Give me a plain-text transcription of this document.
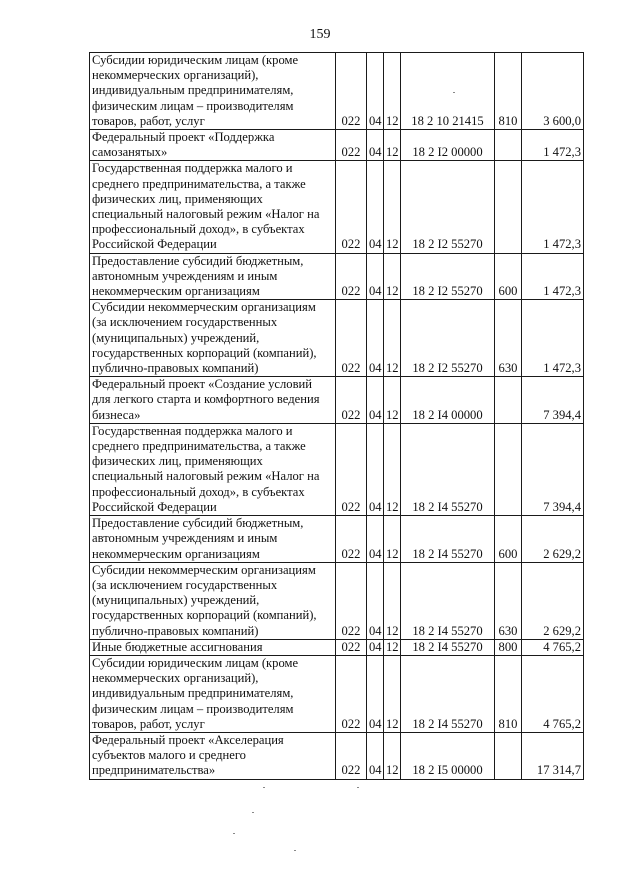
159
Субсидии юридическим лицам (кроме некоммерческих организаций), индивидуальным предпринимателям, физическим лицам – производителям товаров, работ, услуг	022	04	12	18 2 10 21415	810	3 600,0
Федеральный проект «Поддержка самозанятых»	022	04	12	18 2 I2 00000		1 472,3
Государственная поддержка малого и среднего предпринимательства, а также физических лиц, применяющих специальный налоговый режим «Налог на профессиональный доход», в субъектах Российской Федерации	022	04	12	18 2 I2 55270		1 472,3
Предоставление субсидий бюджетным, автономным учреждениям и иным некоммерческим организациям	022	04	12	18 2 I2 55270	600	1 472,3
Субсидии некоммерческим организациям (за исключением государственных (муниципальных) учреждений, государственных корпораций (компаний), публично-правовых компаний)	022	04	12	18 2 I2 55270	630	1 472,3
Федеральный проект «Создание условий для легкого старта и комфортного ведения бизнеса»	022	04	12	18 2 I4 00000		7 394,4
Государственная поддержка малого и среднего предпринимательства, а также физических лиц, применяющих специальный налоговый режим «Налог на профессиональный доход», в субъектах Российской Федерации	022	04	12	18 2 I4 55270		7 394,4
Предоставление субсидий бюджетным, автономным учреждениям и иным некоммерческим организациям	022	04	12	18 2 I4 55270	600	2 629,2
Субсидии некоммерческим организациям (за исключением государственных (муниципальных) учреждений, государственных корпораций (компаний), публично-правовых компаний)	022	04	12	18 2 I4 55270	630	2 629,2
Иные бюджетные ассигнования	022	04	12	18 2 I4 55270	800	4 765,2
Субсидии юридическим лицам (кроме некоммерческих организаций), индивидуальным предпринимателям, физическим лицам – производителям товаров, работ, услуг	022	04	12	18 2 I4 55270	810	4 765,2
Федеральный проект «Акселерация субъектов малого и среднего предпринимательства»	022	04	12	18 2 I5 00000		17 314,7
